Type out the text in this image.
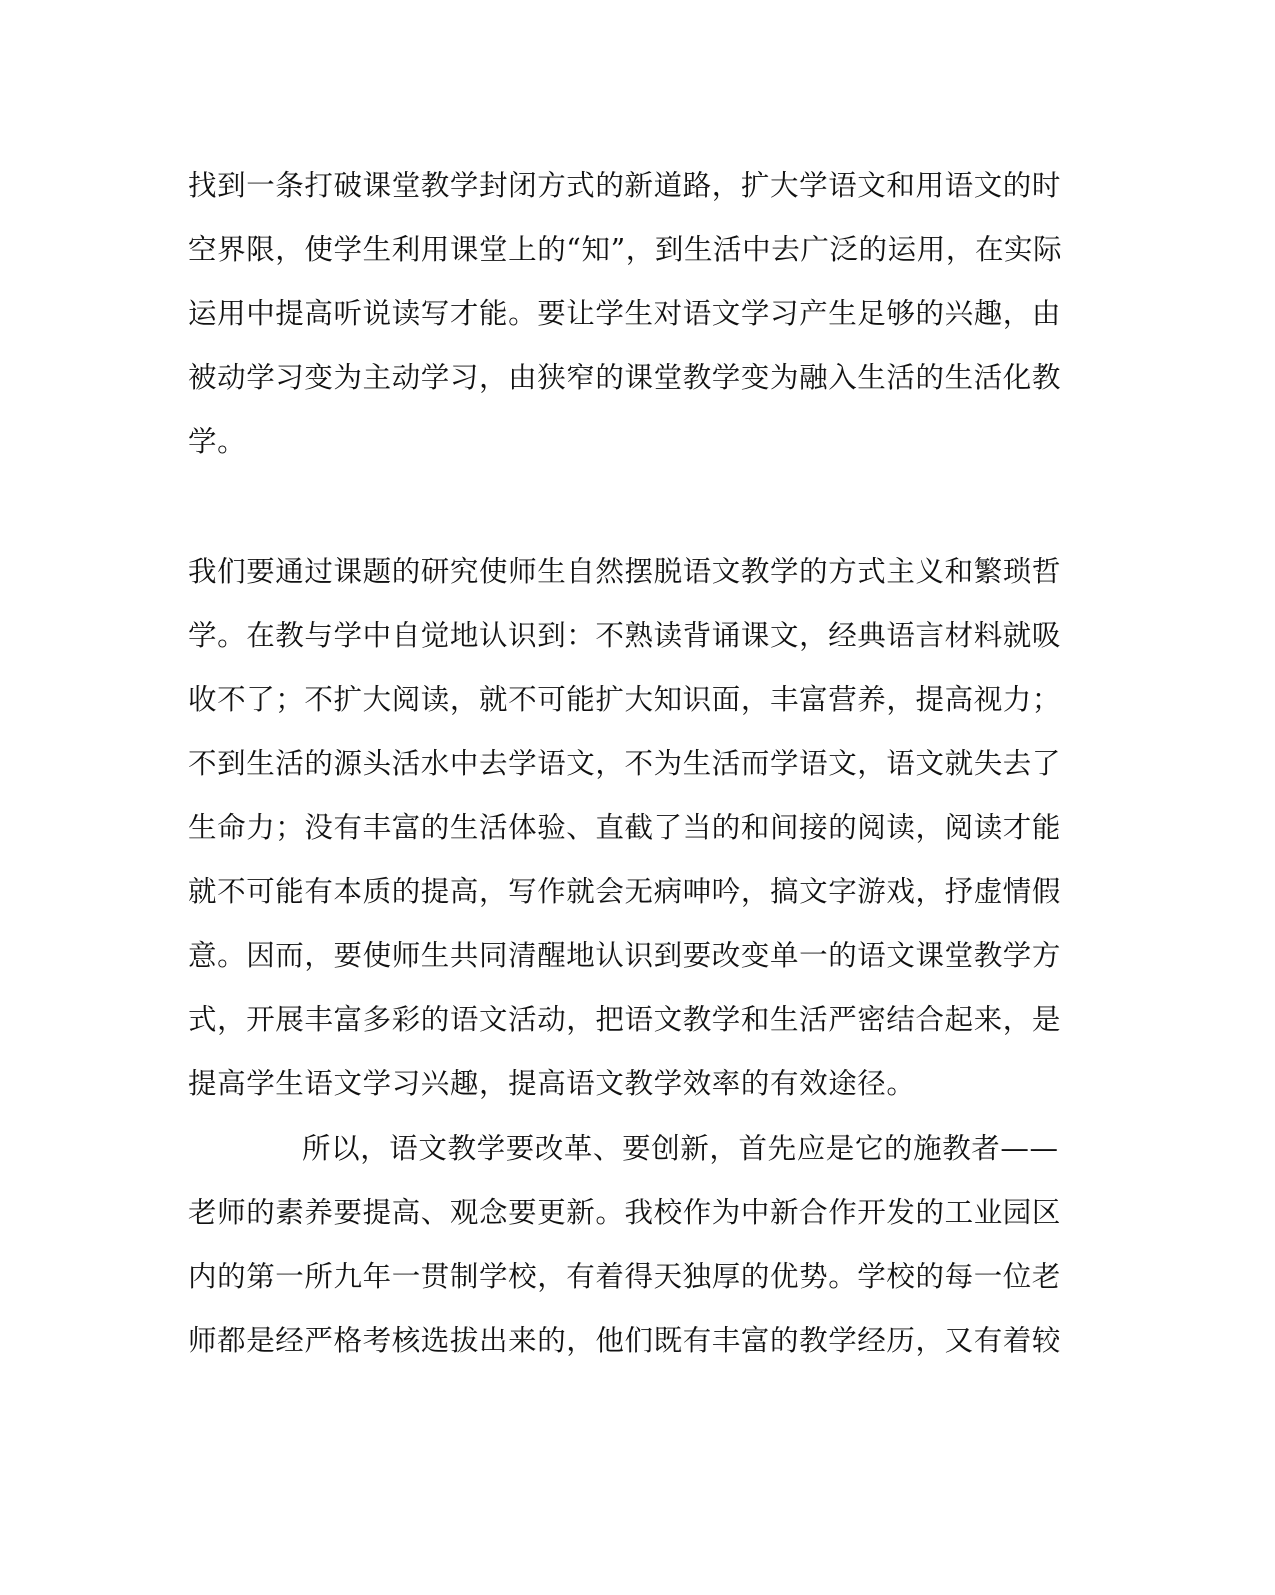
找到一条打破课堂教学封闭方式的新道路，扩大学语文和用语文的时
空界限，使学生利用课堂上的“知”，到生活中去广泛的运用，在实际
运用中提高听说读写才能。要让学生对语文学习产生足够的兴趣，由
被动学习变为主动学习，由狭窄的课堂教学变为融入生活的生活化教
学。
我们要通过课题的研究使师生自然摆脱语文教学的方式主义和繁琐哲
学。在教与学中自觉地认识到：不熟读背诵课文，经典语言材料就吸
收不了；不扩大阅读，就不可能扩大知识面，丰富营养，提高视力；
不到生活的源头活水中去学语文，不为生活而学语文，语文就失去了
生命力；没有丰富的生活体验、直截了当的和间接的阅读，阅读才能
就不可能有本质的提高，写作就会无病呻吟，搞文字游戏，抒虚情假
意。因而，要使师生共同清醒地认识到要改变单一的语文课堂教学方
式，开展丰富多彩的语文活动，把语文教学和生活严密结合起来，是
提高学生语文学习兴趣，提高语文教学效率的有效途径。
所以，语文教学要改革、要创新，首先应是它的施教者——
老师的素养要提高、观念要更新。我校作为中新合作开发的工业园区
内的第一所九年一贯制学校，有着得天独厚的优势。学校的每一位老
师都是经严格考核选拔出来的，他们既有丰富的教学经历，又有着较
